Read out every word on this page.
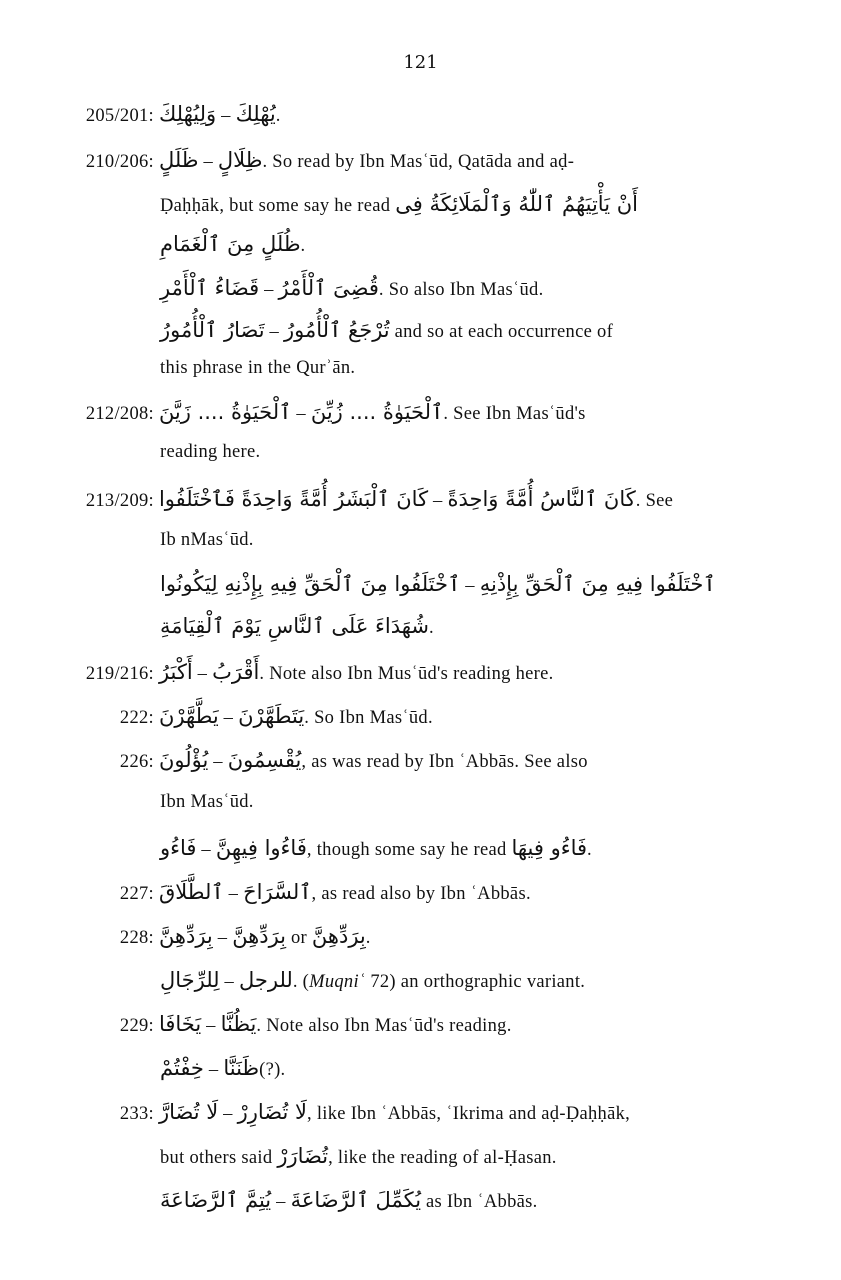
121
205/201: وَلِيُهْلِكَ – يُهْلِكَ.
210/206: ظَلَلٍ – ظِلَالٍ. So read by Ibn Masʿūd, Qatāda and aḍ-
Ḍaḥḥāk, but some say he read أَنْ يَأْتِيَهُمُ ٱللّٰهُ وَٱلْمَلَائِكَةُ فِى
ظُلَلٍ مِنَ ٱلْغَمَامِ.
قَضَاءُ ٱلْأَمْرِ – قُضِىَ ٱلْأَمْرُ. So also Ibn Masʿūd.
تَصَارُ ٱلْأُمُورُ – تُرْجَعُ ٱلْأُمُورُ and so at each occurrence of
this phrase in the Qurʾān.
212/208: ٱلْحَيَوٰةُ .... زَيَّنَ – ٱلْحَيَوٰةُ .... زُيِّنَ. See Ibn Masʿūd's
reading here.
213/209: كَانَ ٱلْبَشَرُ أُمَّةً وَاحِدَةً فَٱخْتَلَفُوا – كَانَ ٱلنَّاسُ أُمَّةً وَاحِدَةً. See
Ib nMasʿūd.
ٱخْتَلَفُوا مِنَ ٱلْحَقِّ فِيهِ بِإِذْنِهِ لِيَكُونُوا – ٱخْتَلَفُوا فِيهِ مِنَ ٱلْحَقِّ بِإِذْنِهِ
شُهَدَاءَ عَلَى ٱلنَّاسِ يَوْمَ ٱلْقِيَامَةِ.
219/216: أَكْبَرُ – أَقْرَبُ. Note also Ibn Musʿūd's reading here.
222: يَطَّهَّرْنَ – يَتَطَهَّرْنَ. So Ibn Masʿūd.
226: يُؤْلُونَ – يُقْسِمُونَ, as was read by Ibn ʿAbbās. See also
Ibn Masʿūd.
فَاءُو – فَاءُوا فِيهِنَّ, though some say he read فَاءُو فِيهَا.
227: ٱلطَّلَاقَ – ٱلسَّرَاحَ, as read also by Ibn ʿAbbās.
228: بِرَدِّهِنَّ – بِرَدِّهِنَّ or بِرَدِّهِنَّ.
لِلرِّجَالِ – للرجل. (Muqniʿ 72) an orthographic variant.
229: يَخَافَا – يَظُنَّا. Note also Ibn Masʿūd's reading.
خِفْتُمْ – ظَنَنَّا(?).
233: لَا تُضَارَّ – لَا تُضَارِرْ, like Ibn ʿAbbās, ʿIkrima and aḍ-Ḍaḥḥāk,
but others said تُضَارَرْ, like the reading of al-Ḥasan.
يُتِمَّ ٱلرَّضَاعَةَ – يُكَمِّلَ ٱلرَّضَاعَةَ as Ibn ʿAbbās.
